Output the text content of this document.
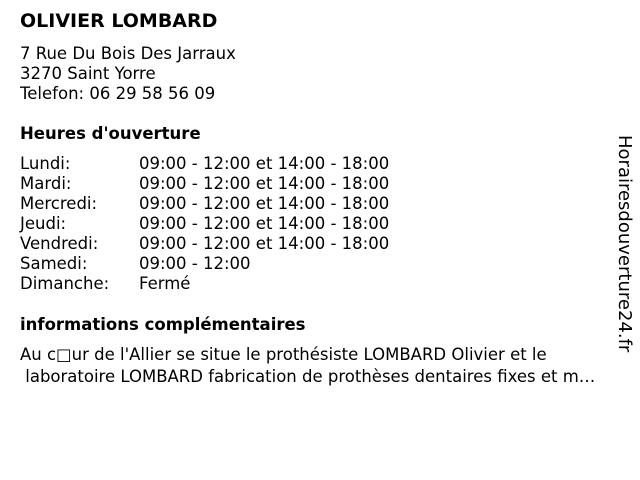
OLIVIER LOMBARD
7 Rue Du Bois Des Jarraux
3270 Saint Yorre
Telefon: 06 29 58 56 09
Heures d'ouverture
Lundi:	09:00 - 12:00 et 14:00 - 18:00
Mardi:	09:00 - 12:00 et 14:00 - 18:00
Mercredi:	09:00 - 12:00 et 14:00 - 18:00
Jeudi:	09:00 - 12:00 et 14:00 - 18:00
Vendredi: 09:00 - 12:00 et 14:00 - 18:00
Samedi:	09:00 - 12:00
Dimanche: Fermé
informations complémentaires
Au c□ur de l'Allier se situe le prothésiste LOMBARD Olivier et le
laboratoire LOMBARD fabrication de prothèses dentaires fixes et m…
Horairesdouverture24.fr
